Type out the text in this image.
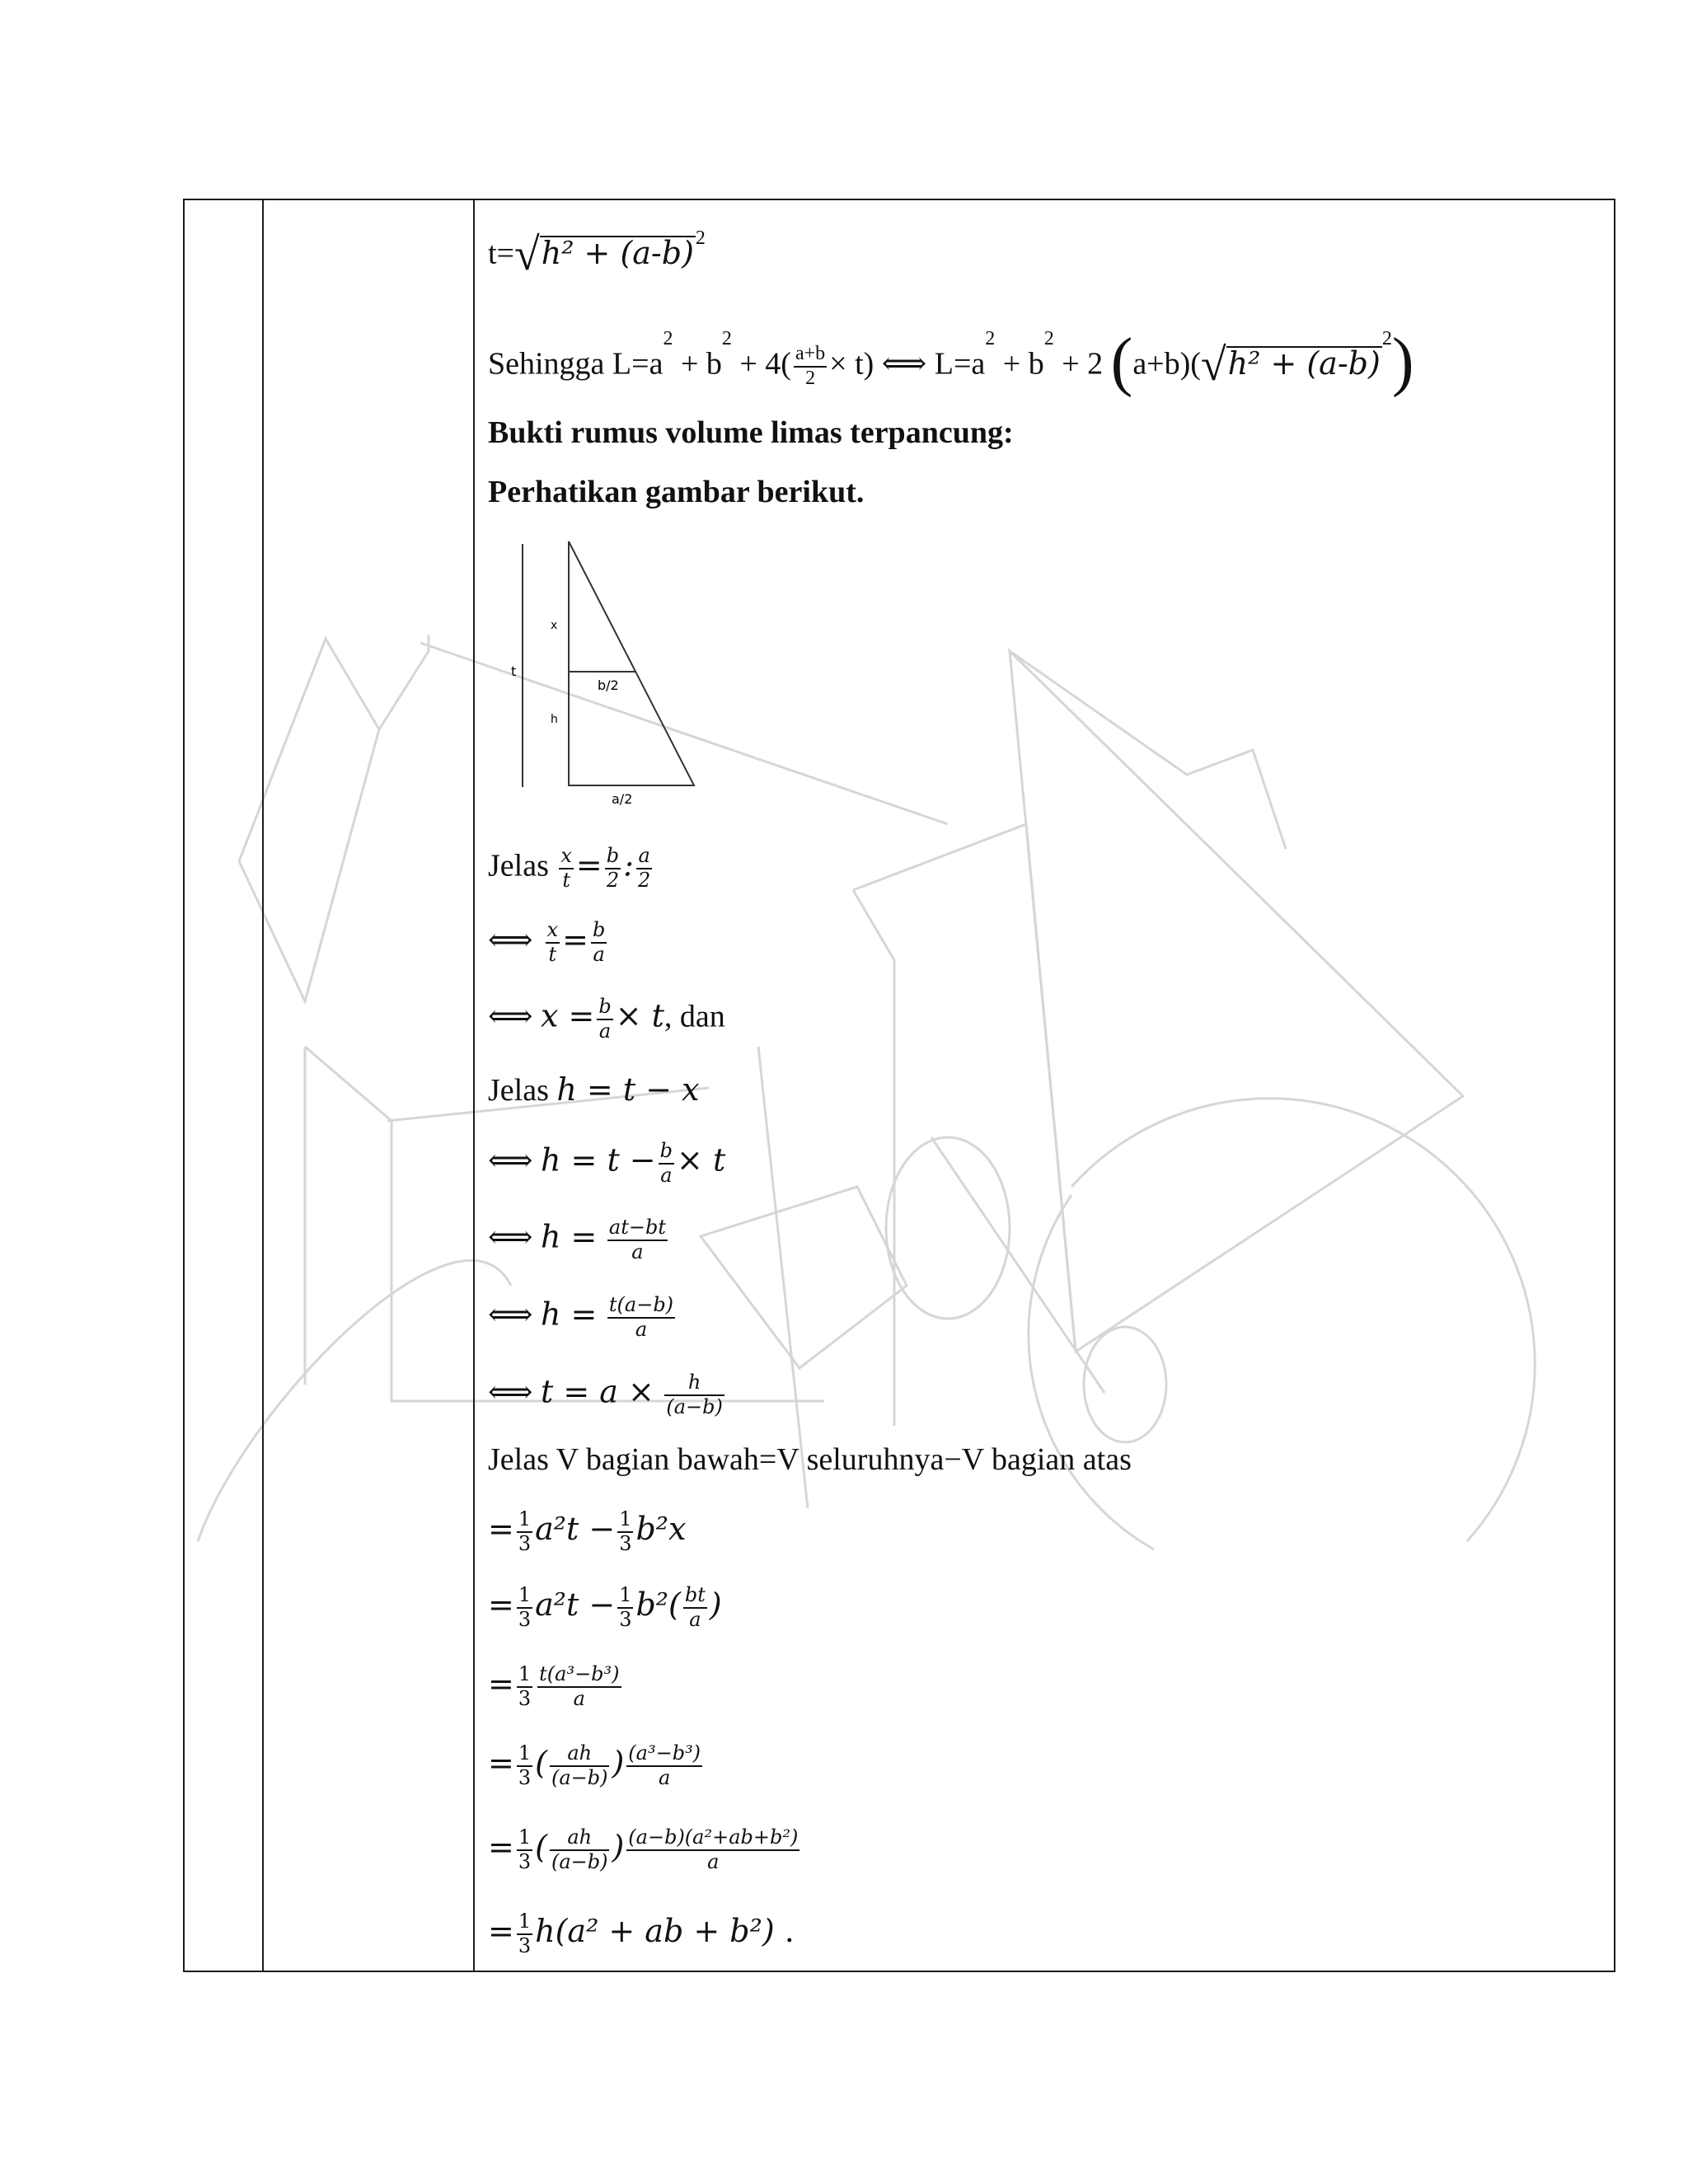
$t=√h^2 + (a-b)^2$
Sehingga $L=a^2 + b^2 + 4( \frac{a+b}{2} \times t)$ ⟺ $L=a^2 + b^2 + 2$ $(a+b)(√h^2 + (a-b)^2)$
Bukti rumus volume limas terpancung:
Perhatikan gambar berikut.
t
x
h
b/2
a/2
Jelas $\frac{x}{t} = \frac{b}{2}$ : $\frac{a}{2}$
⟺ $\frac{x}{t} = \frac{b}{a}$
⟺ $x = \frac{b}{a} \times t$, dan
Jelas h = t − x
⟺ $h = t - \frac{b}{a} \times t$
⟺ $h = \frac{at-bt}{a}$
⟺ $h = \frac{t(a-b)}{a}$
⟺ $t = a \times \frac{h}{(a-b)}$
Jelas V bagian bawah=V seluruhnya−V bagian atas
= $\frac{1}{3} a^2t - \frac{1}{3} b^2x$
= $\frac{1}{3} a^2t - \frac{1}{3} b^2( \frac{bt}{a}$ )
= $\frac{1}{3} \frac{\text{t(a³−b³)}}{a}$
= $\frac{1}{3}$ ( $\frac{ah}{(a-b)}$ ) $\frac{\text{(a³−b³)}}{a}$
= $\frac{1}{3}$ ( $\frac{ah}{(a-b)}$ ) $\frac{\text{(a−b)(a²+ab+b²)}}{a}$
= $\frac{1}{3} h(a^2$ + ab + b²) .
